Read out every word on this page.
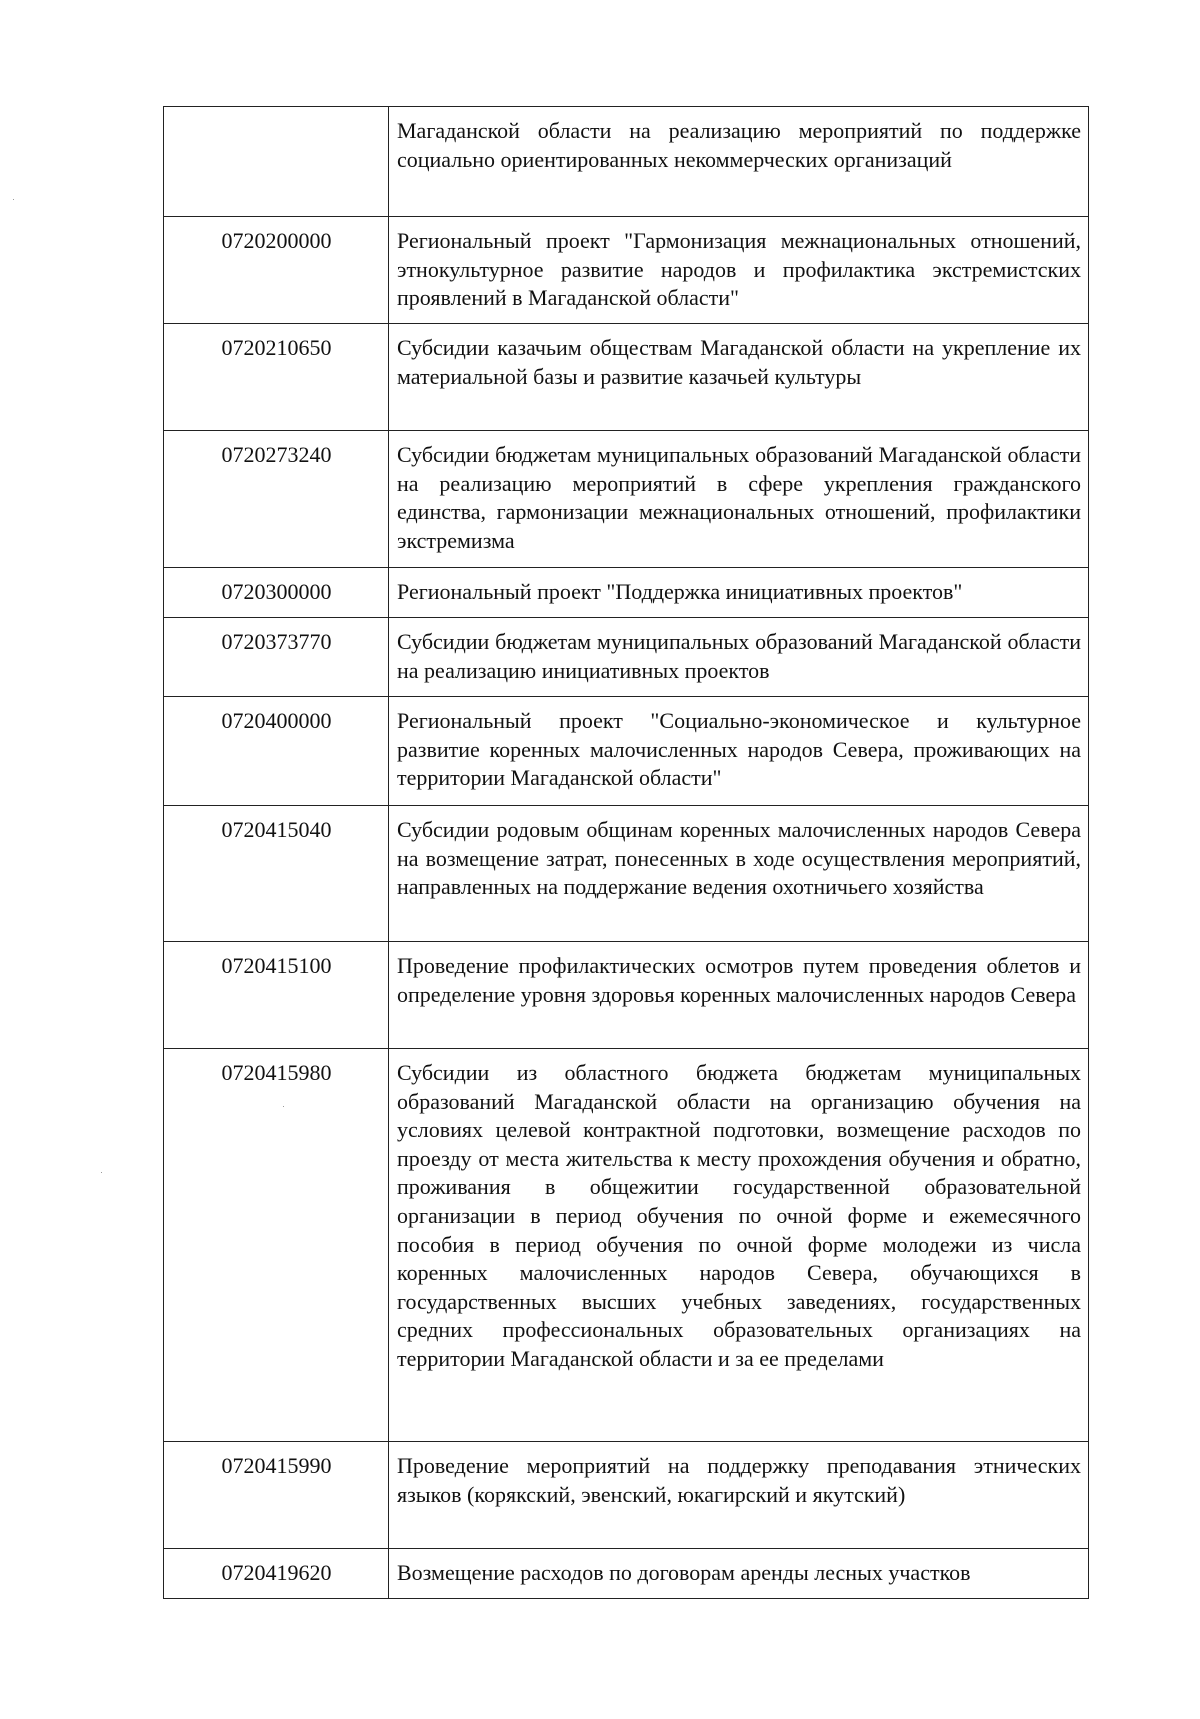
	Магаданской области на реализацию мероприятий по поддержке социально ориентированных некоммерческих организаций
0720200000	Региональный проект "Гармонизация межнациональных отношений, этнокультурное развитие народов и профилактика экстремистских проявлений в Магаданской области"
0720210650	Субсидии казачьим обществам Магаданской области на укрепление их материальной базы и развитие казачьей культуры
0720273240	Субсидии бюджетам муниципальных образований Магаданской области на реализацию мероприятий в сфере укрепления гражданского единства, гармонизации межнациональных отношений, профилактики экстремизма
0720300000	Региональный проект "Поддержка инициативных проектов"
0720373770	Субсидии бюджетам муниципальных образований Магаданской области на реализацию инициативных проектов
0720400000	Региональный проект "Социально-экономическое и культурное развитие коренных малочисленных народов Севера, проживающих на территории Магаданской области"
0720415040	Субсидии родовым общинам коренных малочисленных народов Севера на возмещение затрат, понесенных в ходе осуществления мероприятий, направленных на поддержание ведения охотничьего хозяйства
0720415100	Проведение профилактических осмотров путем проведения облетов и определение уровня здоровья коренных малочисленных народов Севера
0720415980	Субсидии из областного бюджета бюджетам муниципальных образований Магаданской области на организацию обучения на условиях целевой контрактной подготовки, возмещение расходов по проезду от места жительства к месту прохождения обучения и обратно, проживания в общежитии государственной образовательной организации в период обучения по очной форме и ежемесячного пособия в период обучения по очной форме молодежи из числа коренных малочисленных народов Севера, обучающихся в государственных высших учебных заведениях, государственных средних профессиональных образовательных организациях на территории Магаданской области и за ее пределами
0720415990	Проведение мероприятий на поддержку преподавания этнических языков (корякский, эвенский, юкагирский и якутский)
0720419620	Возмещение расходов по договорам аренды лесных участков
